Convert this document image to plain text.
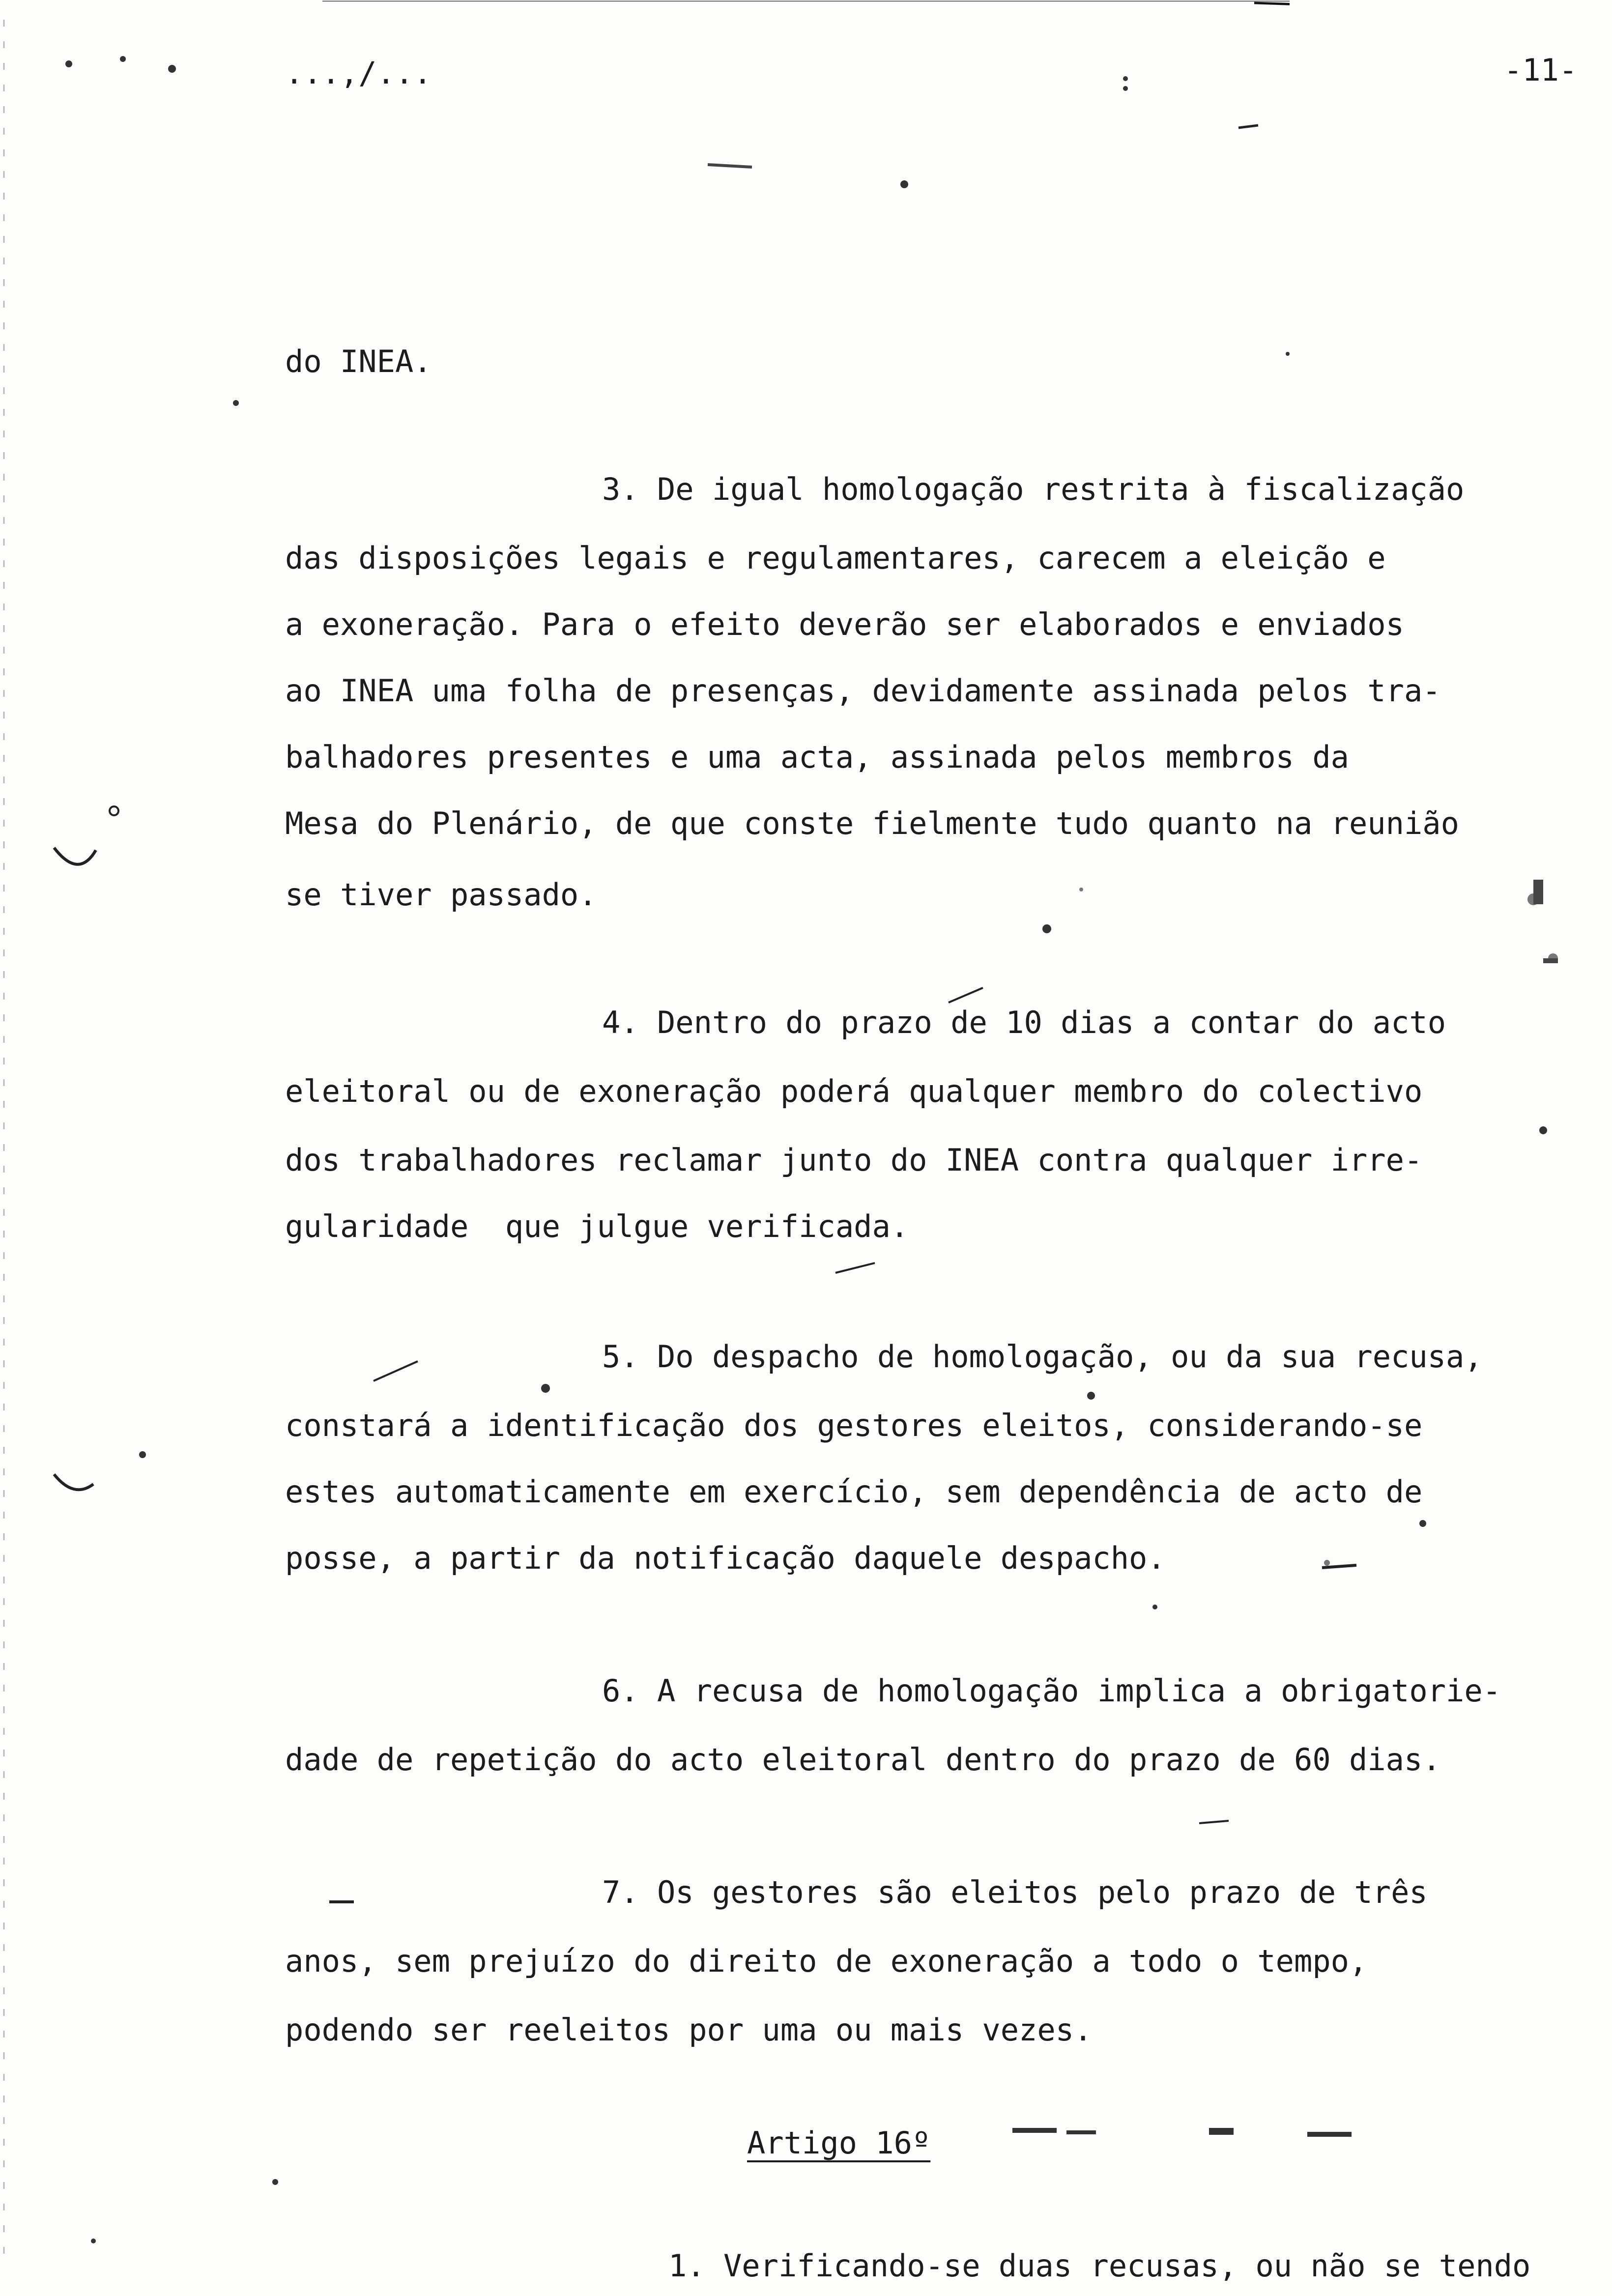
...,/...	-11-
do INEA.
3. De igual homologação restrita à fiscalização
das disposições legais e regulamentares, carecem a eleição e
a exoneração. Para o efeito deverão ser elaborados e enviados
ao INEA uma folha de presenças, devidamente assinada pelos tra-
balhadores presentes e uma acta, assinada pelos membros da
Mesa do Plenário, de que conste fielmente tudo quanto na reunião
se tiver passado.
4. Dentro do prazo de 10 dias a contar do acto
eleitoral ou de exoneração poderá qualquer membro do colectivo
dos trabalhadores reclamar junto do INEA contra qualquer irre-
gularidade  que julgue verificada.
5. Do despacho de homologação, ou da sua recusa,
constará a identificação dos gestores eleitos, considerando-se
estes automaticamente em exercício, sem dependência de acto de
posse, a partir da notificação daquele despacho.
6. A recusa de homologação implica a obrigatorie-
dade de repetição do acto eleitoral dentro do prazo de 60 dias.
7. Os gestores são eleitos pelo prazo de três
anos, sem prejuízo do direito de exoneração a todo o tempo,
podendo ser reeleitos por uma ou mais vezes.
Artigo 16º
1. Verificando-se duas recusas, ou não se tendo
